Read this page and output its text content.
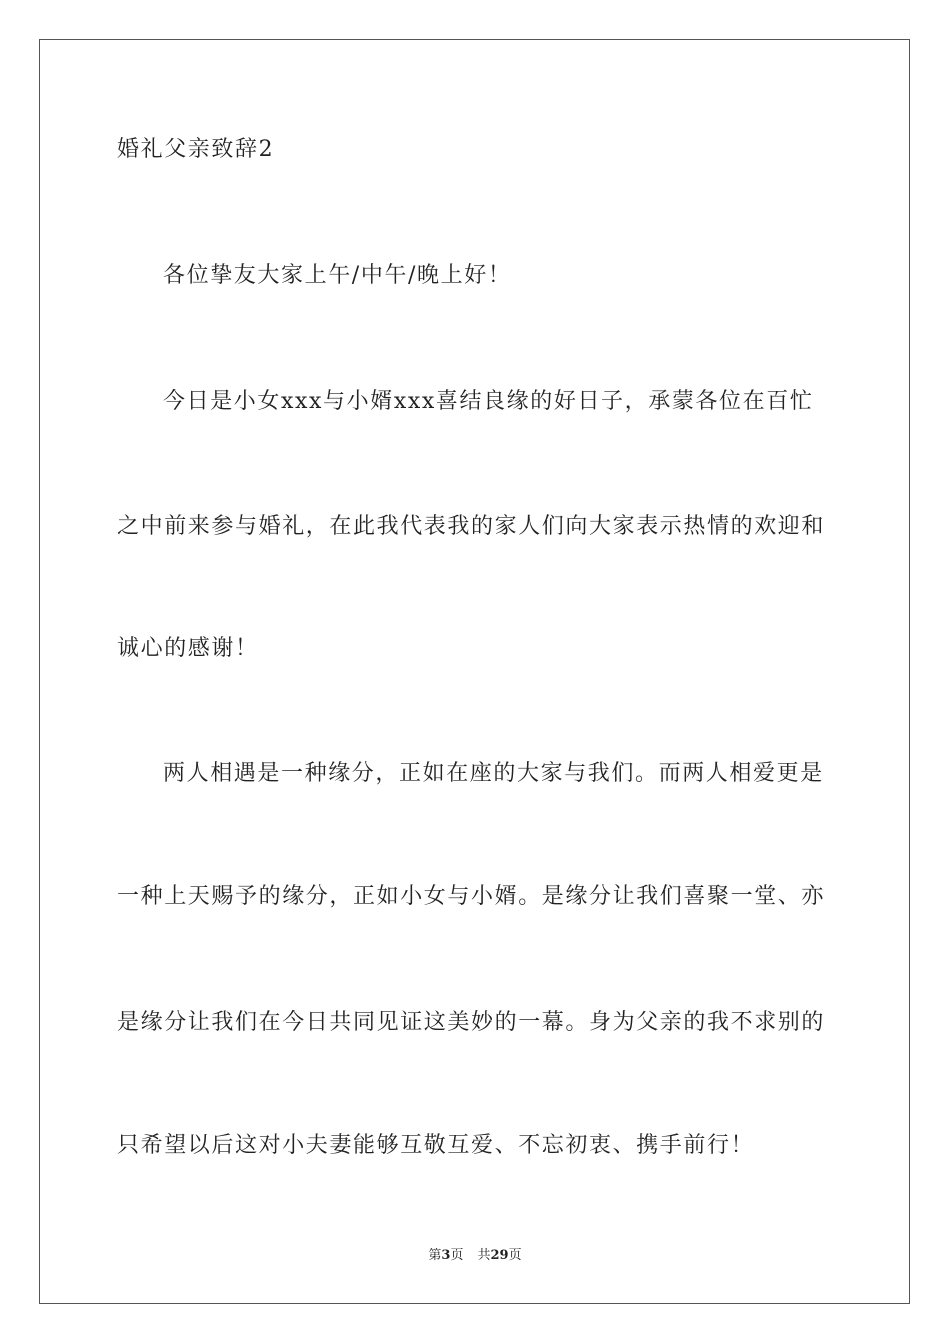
婚礼父亲致辞2
各位挚友大家上午/中午/晚上好！
今日是小女xxx与小婿xxx喜结良缘的好日子，承蒙各位在百忙
之中前来参与婚礼，在此我代表我的家人们向大家表示热情的欢迎和
诚心的感谢！
两人相遇是一种缘分，正如在座的大家与我们。而两人相爱更是
一种上天赐予的缘分，正如小女与小婿。是缘分让我们喜聚一堂、亦
是缘分让我们在今日共同见证这美妙的一幕。身为父亲的我不求别的
只希望以后这对小夫妻能够互敬互爱、不忘初衷、携手前行！
第3页 共29页
